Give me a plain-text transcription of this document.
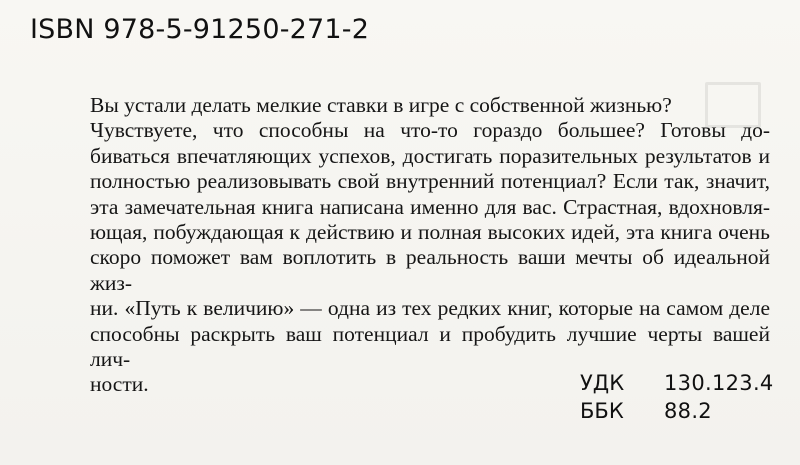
ISBN 978-5-91250-271-2

Вы устали делать мелкие ставки в игре с собственной жизнью?
Чувствуете, что способны на что-то гораздо большее? Готовы до-
биваться впечатляющих успехов, достигать поразительных результатов и
полностью реализовывать свой внутренний потенциал? Если так, значит,
эта замечательная книга написана именно для вас. Страстная, вдохновля-
ющая, побуждающая к действию и полная высоких идей, эта книга очень
скоро поможет вам воплотить в реальность ваши мечты об идеальной жиз-
ни. «Путь к величию» — одна из тех редких книг, которые на самом деле
способны раскрыть ваш потенциал и пробудить лучшие черты вашей лич-
ности.	УДК	130.123.4
ББК	88.2
